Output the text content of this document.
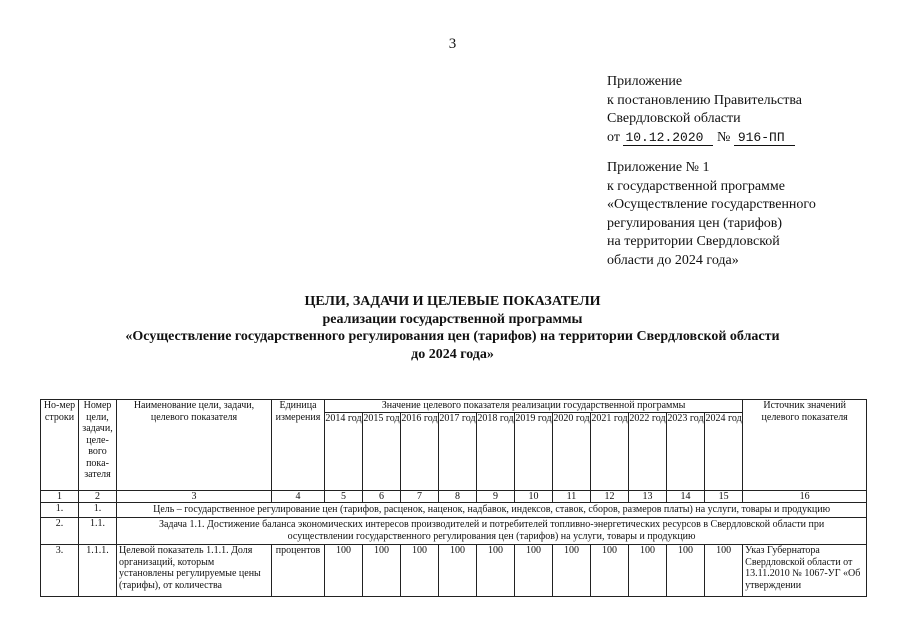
3
Приложение
к постановлению Правительства
Свердловской области
от 10.12.2020 № 916-ПП
Приложение № 1
к государственной программе
«Осуществление государственного
регулирования цен (тарифов)
на территории Свердловской
области до 2024 года»
ЦЕЛИ, ЗАДАЧИ И ЦЕЛЕВЫЕ ПОКАЗАТЕЛИ
реализации государственной программы
«Осуществление государственного регулирования цен (тарифов) на территории Свердловской области
до 2024 года»
Но-мер строки	Номер цели, задачи, целе-вого пока-зателя	Наименование цели, задачи, целевого показателя	Единица измерения	Значение целевого показателя реализации государственной программы											Источник значений целевого показателя
				2014 год	2015 год	2016 год	2017 год	2018 год	2019 год	2020 год	2021 год	2022 год	2023 год	2024 год	
1	2	3	4	5	6	7	8	9	10	11	12	13	14	15	16
1.	1.	Цель – государственное регулирование цен (тарифов, расценок, наценок, надбавок, индексов, ставок, сборов, размеров платы) на услуги, товары и продукцию													
2.	1.1.	Задача 1.1. Достижение баланса экономических интересов производителей и потребителей топливно-энергетических ресурсов в Свердловской области при осуществлении государственного регулирования цен (тарифов) на услуги, товары и продукцию													
3.	1.1.1.	Целевой показатель 1.1.1. Доля организаций, которым установлены регулируемые цены (тарифы), от количества	процентов	100	100	100	100	100	100	100	100	100	100	100	Указ Губернатора Свердловской области от 13.11.2010 № 1067-УГ «Об утверждении
